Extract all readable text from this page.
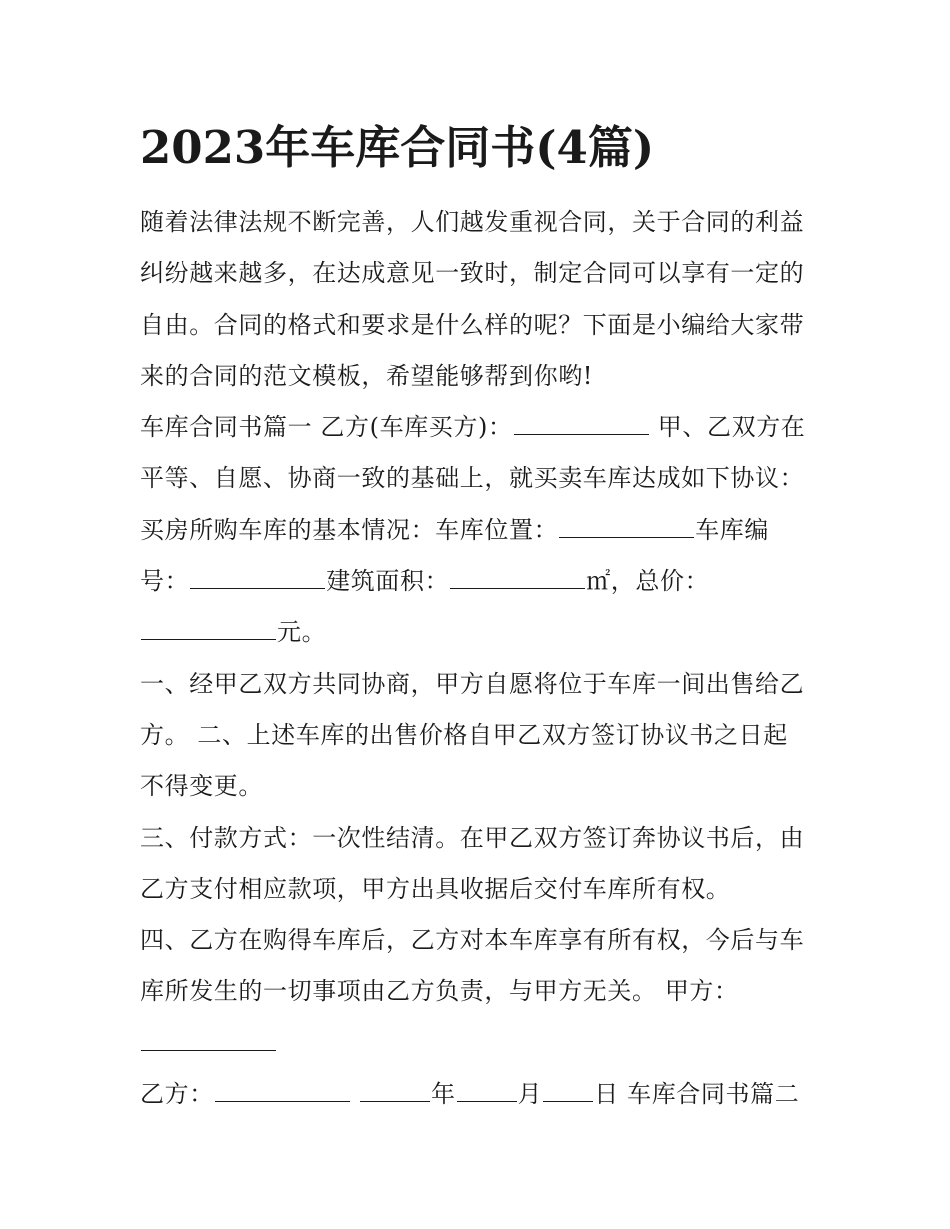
2023年车库合同书(4篇)
随着法律法规不断完善，人们越发重视合同，关于合同的利益
纠纷越来越多，在达成意见一致时，制定合同可以享有一定的
自由。合同的格式和要求是什么样的呢？下面是小编给大家带
来的合同的范文模板，希望能够帮到你哟!
车库合同书篇一 乙方(车库买方)：	甲、乙双方在
平等、自愿、协商一致的基础上，就买卖车库达成如下协议：
买房所购车库的基本情况：车库位置：	车库编
号：	建筑面积：	㎡，总价：
元。
一、经甲乙双方共同协商，甲方自愿将位于车库一间出售给乙
方。 二、上述车库的出售价格自甲乙双方签订协议书之日起
不得变更。
三、付款方式：一次性结清。在甲乙双方签订奔协议书后，由
乙方支付相应款项，甲方出具收据后交付车库所有权。
四、乙方在购得车库后，乙方对本车库享有所有权，今后与车
库所发生的一切事项由乙方负责，与甲方无关。 甲方：
乙方：	年	月 日 车库合同书篇二
